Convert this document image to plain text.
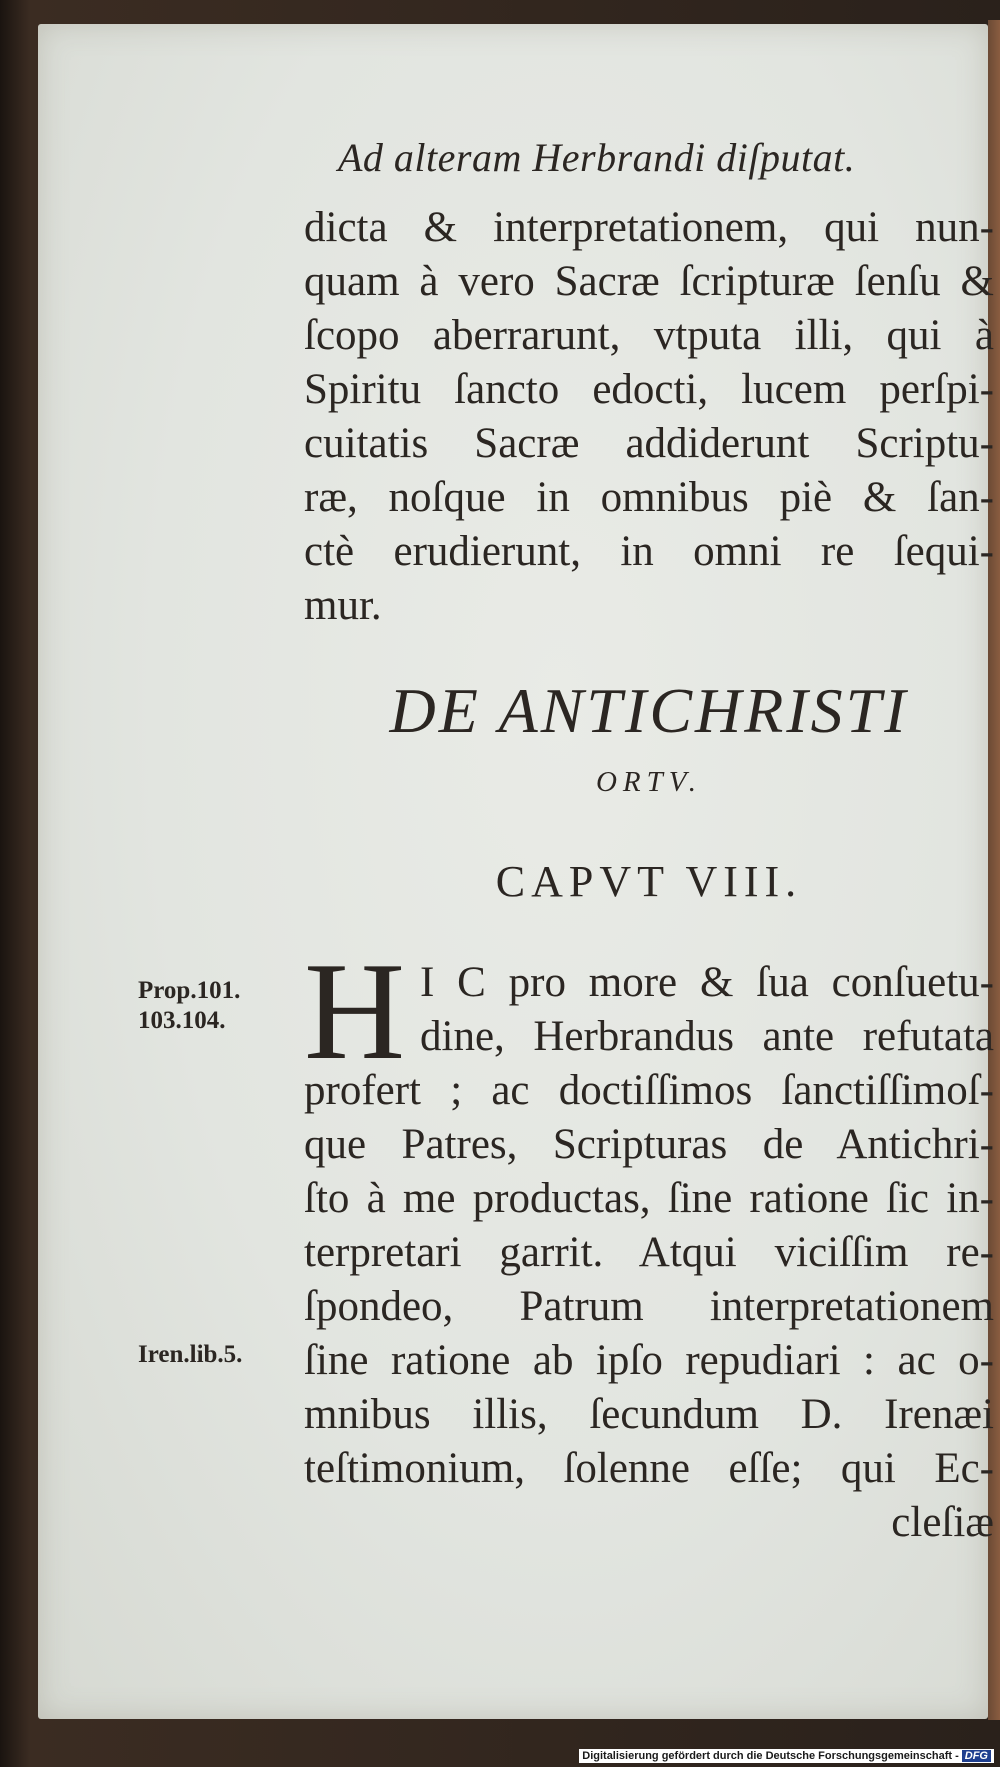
Ad alteram Herbrandi diſputat.
dicta & interpretationem, qui nun-
quam à vero Sacræ ſcripturæ ſenſu &
ſcopo aberrarunt, vtputa illi, qui à
Spiritu ſancto edocti, lucem perſpi-
cuitatis Sacræ addiderunt Scriptu-
ræ, noſque in omnibus piè & ſan-
ctè erudierunt, in omni re ſequi-
mur.
DE ANTICHRISTI
ORTV.
CAPVT VIII.
Prop.101.
103.104. H I C pro more & ſua conſuetu-
dine, Herbrandus ante refutata
profert ; ac doctiſſimos ſanctiſſimoſ-
que Patres, Scripturas de Antichri-
ſto à me productas, ſine ratione ſic in-
terpretari garrit. Atqui viciſſim re-
ſpondeo, Patrum interpretationem
ſine ratione ab ipſo repudiari : ac o-
mnibus illis, ſecundum D. Irenæi
teſtimonium, ſolenne eſſe; qui Ec-
cleſiæ
Iren.lib.5.
Digitalisierung gefördert durch die Deutsche Forschungsgemeinschaft - DFG
